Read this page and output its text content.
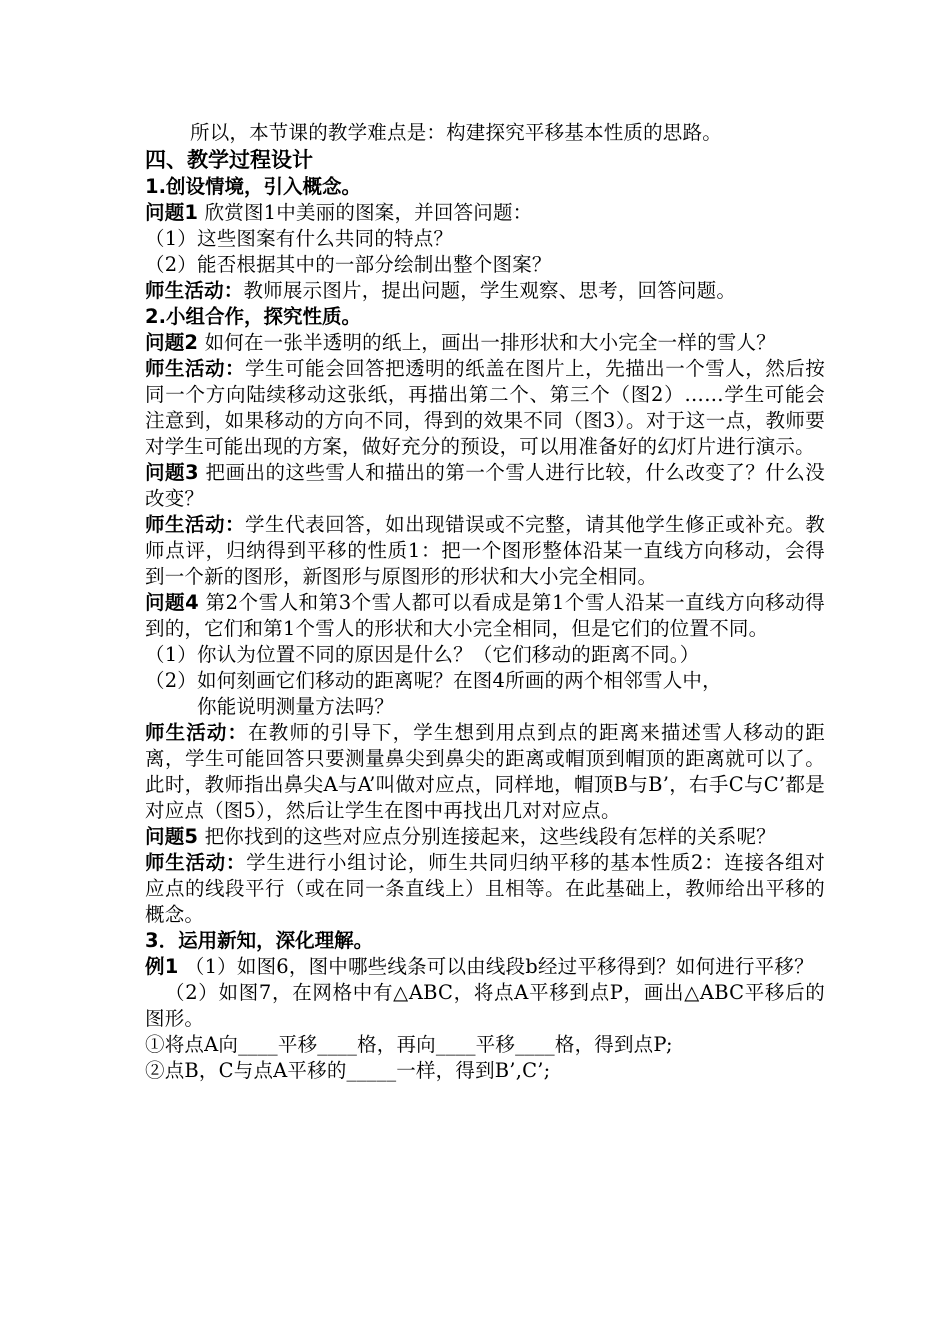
所以，本节课的教学难点是：构建探究平移基本性质的思路。
四、教学过程设计
1.创设情境，引入概念。
问题1 欣赏图1中美丽的图案，并回答问题：
（1）这些图案有什么共同的特点？
（2）能否根据其中的一部分绘制出整个图案？
师生活动：教师展示图片，提出问题，学生观察、思考，回答问题。
2.小组合作，探究性质。
问题2 如何在一张半透明的纸上，画出一排形状和大小完全一样的雪人？
师生活动：学生可能会回答把透明的纸盖在图片上，先描出一个雪人，然后按同一个方向陆续移动这张纸，再描出第二个、第三个（图2）……学生可能会注意到，如果移动的方向不同，得到的效果不同（图3）。对于这一点，教师要对学生可能出现的方案，做好充分的预设，可以用准备好的幻灯片进行演示。
问题3 把画出的这些雪人和描出的第一个雪人进行比较，什么改变了？什么没改变？
师生活动：学生代表回答，如出现错误或不完整，请其他学生修正或补充。教师点评，归纳得到平移的性质1：把一个图形整体沿某一直线方向移动，会得到一个新的图形，新图形与原图形的形状和大小完全相同。
问题4 第2个雪人和第3个雪人都可以看成是第1个雪人沿某一直线方向移动得到的，它们和第1个雪人的形状和大小完全相同，但是它们的位置不同。
（1）你认为位置不同的原因是什么？（它们移动的距离不同。）
（2）如何刻画它们移动的距离呢？在图4所画的两个相邻雪人中，
你能说明测量方法吗？
师生活动：在教师的引导下，学生想到用点到点的距离来描述雪人移动的距离，学生可能回答只要测量鼻尖到鼻尖的距离或帽顶到帽顶的距离就可以了。此时，教师指出鼻尖A与A’叫做对应点，同样地，帽顶B与B’，右手C与C’都是对应点（图5），然后让学生在图中再找出几对对应点。
问题5 把你找到的这些对应点分别连接起来，这些线段有怎样的关系呢？
师生活动：学生进行小组讨论，师生共同归纳平移的基本性质2：连接各组对应点的线段平行（或在同一条直线上）且相等。在此基础上，教师给出平移的概念。
3．运用新知，深化理解。
例1 （1）如图6，图中哪些线条可以由线段b经过平移得到？如何进行平移？
（2）如图7，在网格中有△ABC，将点A平移到点P，画出△ABC平移后的图形。
①将点A向____平移____格，再向____平移____格，得到点P;
②点B，C与点A平移的_____一样，得到B’,C’;
